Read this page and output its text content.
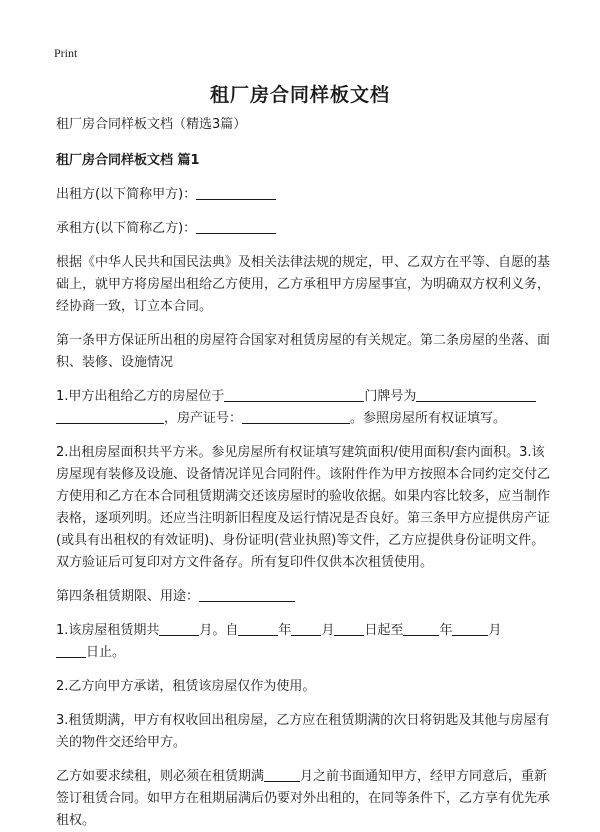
Print
租厂房合同样板文档

租厂房合同样板文档（精选3篇）

租厂房合同样板文档 篇1

出租方(以下简称甲方)：

承租方(以下简称乙方)：

根据《中华人民共和国民法典》及相关法律法规的规定，甲、乙双方在平等、自愿的基础上，就甲方将房屋出租给乙方使用，乙方承租甲方房屋事宜，为明确双方权利义务，经协商一致，订立本合同。

第一条甲方保证所出租的房屋符合国家对租赁房屋的有关规定。第二条房屋的坐落、面积、装修、设施情况

1.甲方出租给乙方的房屋位于	门牌号为
，房产证号：	。参照房屋所有权证填写。

2.出租房屋面积共平方米。参见房屋所有权证填写建筑面积/使用面积/套内面积。3.该房屋现有装修及设施、设备情况详见合同附件。该附件作为甲方按照本合同约定交付乙方使用和乙方在本合同租赁期满交还该房屋时的验收依据。如果内容比较多，应当制作表格，逐项列明。还应当注明新旧程度及运行情况是否良好。第三条甲方应提供房产证(或具有出租权的有效证明)、身份证明(营业执照)等文件，乙方应提供身份证明文件。双方验证后可复印对方文件备存。所有复印件仅供本次租赁使用。

第四条租赁期限、用途：

1.该房屋租赁期共	月。自	年 月 日起至	年	月
日止。

2.乙方向甲方承诺，租赁该房屋仅作为使用。

3.租赁期满，甲方有权收回出租房屋，乙方应在租赁期满的次日将钥匙及其他与房屋有关的物件交还给甲方。

乙方如要求续租，则必须在租赁期满	月之前书面通知甲方，经甲方同意后，重新签订租赁合同。如甲方在租期届满后仍要对外出租的，在同等条件下，乙方享有优先承租权。
